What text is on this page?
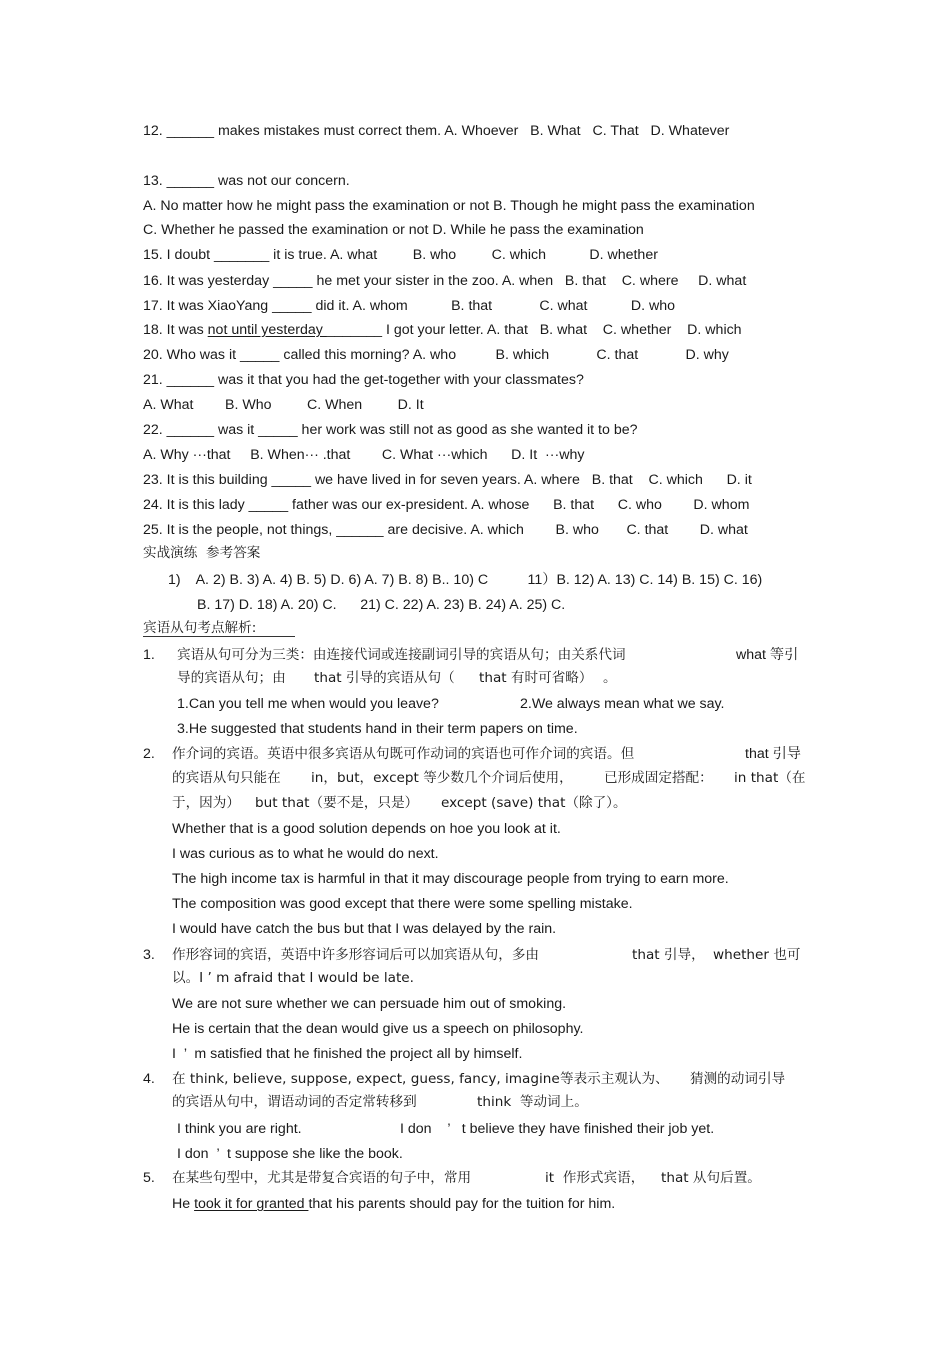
12. ______ makes mistakes must correct them. A. Whoever   B. What   C. That   D. Whatever
13. ______ was not our concern.
A. No matter how he might pass the examination or not B. Though he might pass the examination
C. Whether he passed the examination or not D. While he pass the examination
15. I doubt _______ it is true. A. what         B. who         C. which           D. whether
16. It was yesterday _____ he met your sister in the zoo. A. when   B. that    C. where     D. what
17. It was XiaoYang _____ did it. A. whom           B. that            C. what           D. who
18. It was not until yesterday _______ I got your letter. A. that   B. what    C. whether    D. which
20. Who was it _____ called this morning? A. who          B. which            C. that            D. why
21. ______ was it that you had the get-together with your classmates?
A. What        B. Who         C. When         D. It
22. ______ was it _____ her work was still not as good as she wanted it to be?
A. Why ···that     B. When··· .that        C. What ···which      D. It  ···why
23. It is this building _____ we have lived in for seven years. A. where   B. that    C. which      D. it
24. It is this lady _____ father was our ex-president. A. whose      B. that      C. who        D. whom
25. It is the people, not things, ______ are decisive. A. which        B. who       C. that        D. what
实战演练  参考答案
1)    A. 2) B. 3) A. 4) B. 5) D. 6) A. 7) B. 8) B.. 10) C          11）B. 12) A. 13) C. 14) B. 15) C. 16)
B. 17) D. 18) A. 20) C.      21) C. 22) A. 23) B. 24) A. 25) C.
宾语从句考点解析:
1. 宾语从句可分为三类：由连接代词或连接副词引导的宾语从句；由关系代词	what 等引
导的宾语从句；由 that 引导的宾语从句（ that 有时可省略） 。
1.Can you tell me when would you leave?	2.We always mean what we say.
3.He suggested that students hand in their term papers on time.
2. 作介词的宾语。英语中很多宾语从句既可作动词的宾语也可作介词的宾语。但	that 引导
的宾语从句只能在 in，but，except 等少数几个介词后使用， 已形成固定搭配： in that（在
于，因为） but that（要不是，只是） except (save) that（除了）。
Whether that is a good solution depends on hoe you look at it.
I was curious as to what he would do next.
The high income tax is harmful in that it may discourage people from trying to earn more.
The composition was good except that there were some spelling mistake.
I would have catch the bus but that I was delayed by the rain.
3. 作形容词的宾语，英语中许多形容词后可以加宾语从句，多由	that 引导， whether 也可
以。I ’ m afraid that I would be late.
We are not sure whether we can persuade him out of smoking.
He is certain that the dean would give us a speech on philosophy.
I  ’  m satisfied that he finished the project all by himself.
4. 在 think, believe, suppose, expect, guess, fancy, imagine 等表示主观认为、 猜测的动词引导
的宾语从句中，谓语动词的否定常转移到	think  等动词上。
I think you are right.	I don    ’   t believe they have finished their job yet.
I don  ’  t suppose she like the book.
5. 在某些句型中，尤其是带复合宾语的句子中，常用	it  作形式宾语， that 从句后置。
He took it for granted that his parents should pay for the tuition for him.
